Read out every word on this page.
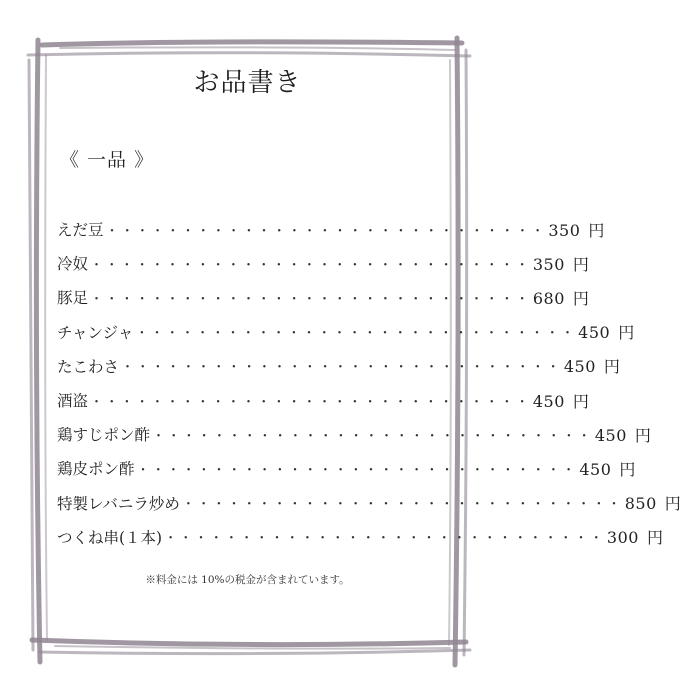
お品書き
《 一品 》
えだ豆 ・・・・・・・・・・・・・・・・・・・・・・・・・・・・・ 350 円
冷奴 ・・・・・・・・・・・・・・・・・・・・・・・・・・・・・ 350 円
豚足 ・・・・・・・・・・・・・・・・・・・・・・・・・・・・・ 680 円
チャンジャ ・・・・・・・・・・・・・・・・・・・・・・・・・・・・・ 450 円
たこわさ ・・・・・・・・・・・・・・・・・・・・・・・・・・・・・ 450 円
酒盗 ・・・・・・・・・・・・・・・・・・・・・・・・・・・・・ 450 円
鶏すじポン酢 ・・・・・・・・・・・・・・・・・・・・・・・・・・・・・ 450 円
鶏皮ポン酢 ・・・・・・・・・・・・・・・・・・・・・・・・・・・・・ 450 円
特製レバニラ炒め ・・・・・・・・・・・・・・・・・・・・・・・・・・・・・ 850 円
つくね串(１本) ・・・・・・・・・・・・・・・・・・・・・・・・・・・・・ 300 円
※料金には 10%の税金が含まれています。
